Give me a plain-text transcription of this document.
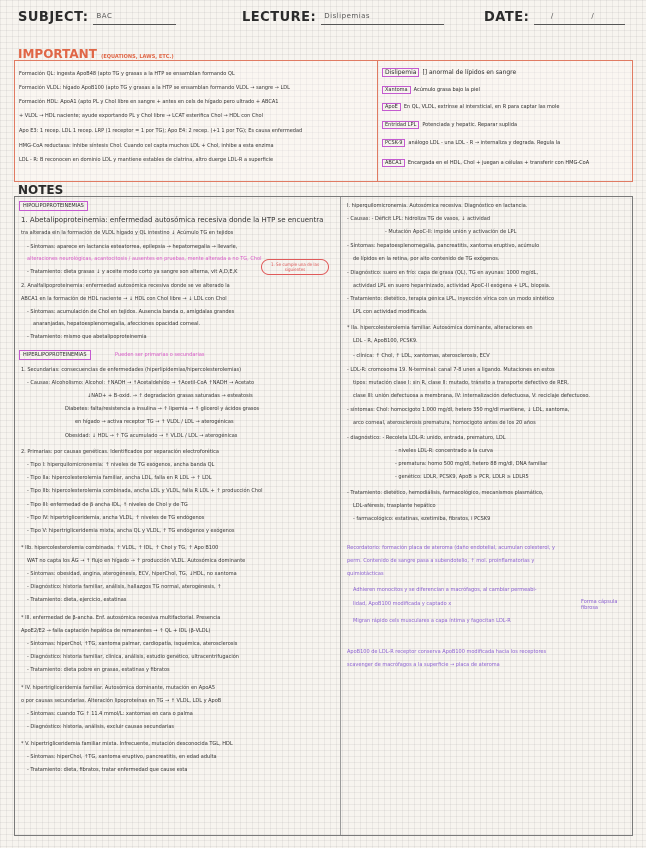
SUBJECT: BAC	LECTURE: Dislipemias	DATE:	/ /
IMPORTANT (EQUATIONS, LAWS, ETC.)
Formación QL: ingesta ApoB48 (apto TG y grasas a la HTP se ensamblan formando QL
Formación VLDL: hígado ApoB100 (apto TG y grasas a la HTP se ensamblan formando VLDL → sangre → LDL
Formación HDL: ApoA1 (apto PL y Chol libre en sangre + antes en cels de hígado pero ultrado + ABCA1
+ VLDL → HDL naciente; ayude exportando PL y Chol libre → LCAT esterifica Chol → HDL con Chol
Apo E3: 1 recep. LDL 1 recep. LRP (1 receptor = 1 por TG); Apo E4: 2 recep. (+1 1 por TG); Es causa enfermedad
HMG-CoA reductasa: inhibe síntesis Chol. Cuando cel capta muchos LDL + Chol, inhibe a esta enzima
LDL - R: B reconocen en dominio LDL y mantiene estables de clatrina, altro duerge LDL-R a superficie
Dislipemia [] anormal de lípidos en sangre
Xantoma Acúmulo grasa bajo la piel
ApoE En QL, VLDL, extrínse al intersticial, en R para captar las mole
Entridad LPL Potenciada y hepatic. Reparar suplida
PCSK-9 análogo LDL - una LDL - R → internaliza y degrada. Regula la
ABCA1 Encargada en el HDL, Chol + juegan a células + transferir con HMG-CoA
NOTES
HIPOLIPOPROTEINEMIAS
1. Abetalipoproteinemia: enfermedad autosómica recesiva donde la HTP se encuentra
tra alterada ein la formación de VLDL hígado y QL intestino ↓ Acúmulo TG en tejidos
- Síntomas: aparece en lactancia esteatorrea, epilepsia → hepatomegalia → llevarle,
alteraciones neurológicas, acantocitosis / ausentes en pruebas, mente alterada a no TG, Chol
- Tratamiento: dieta grasas ↓ y aceite modo corto ya sangre son alterna, vit A,D,E,K
2. Analfalipoproteinemia: enfermedad autosómica recesiva donde se ve alterado la
ABCA1 en la formación de HDL naciente → ↓ HDL con Chol libre → ↓ LDL con Chol
- Síntomas: acumulación de Chol en tejidos. Ausencia banda α, amígdalas grandes
anaranjadas, hepatoesplenomegalia, afecciones opacidad corneal.
- Tratamiento: mismo que abetalipoproteinemia
HIPERLIPOPROTEINEMIAS	Pueden ser primarias o secundarias
1. Se cumple una de las siguientes
1. Secundarias: consecuencias de enfermedades (hiperlipidemias/hipercolesterolemias)
- Causas: Alcoholismo: Alcohol: ↑NADH → ↑Acetaldehído → ↑Acetil-CoA ↑NADH → Acetato
↓NAD+ + B-oxid. → ↑ degradación grasas saturadas → esteatosis
Diabetes: falta/resistencia a insulina → ↑ lipemia → ↑ glicerol y ácidos grasos
en hígado → activa receptor TG → ↑ VLDL / LDL → aterogénicas
Obesidad: ↓ HDL → ↑ TG acumulado → ↑ VLDL / LDL → aterogénicas
2. Primarias: por causas genéticas. Identificados por separación electroforética
- Tipo I: hiperquilomicronemia: ↑ niveles de TG exógenos, ancha banda QL
- Tipo IIa: hipercolesterolemia familiar, ancha LDL, falla en R LDL → ↑ LDL
- Tipo IIb: hipercolesterolemia combinada, ancha LDL y VLDL, falla R LDL + ↑ producción Chol
- Tipo III: enfermedad de β ancha IDL, ↑ niveles de Chol y de TG
- Tipo IV: hipertrigliceridemia, ancha VLDL, ↑ niveles de TG endógenos
- Tipo V: hipertrigliceridemia mixta, ancha QL y VLDL, ↑ TG endógenos y exógenos
* IIb. hipercolesterolemia combinada. ↑ VLDL, ↑ IDL, ↑ Chol y TG, ↑ Apo B100
WAT no capta los ÁG → ↑ flujo en hígado → ↑ producción VLDL. Autosómica dominante
- Síntomas: obesidad, angina, aterogénesis, ECV, hiperChol, TG, ↓HDL, no xantoma
- Diagnóstico: historia familiar, análisis, hallazgos TG normal, aterogénesis, ↑
- Tratamiento: dieta, ejercicio, estatinas
* III. enfermedad de β-ancha. Enf. autosómica recesiva multifactorial. Presencia
ApoE2/E2 → falla captación hepática de remanentes → ↑ QL + IDL (β-VLDL)
- Síntomas: hiperChol, ↑TG, xantoma palmar, cardiopatía, isquémica, aterosclerosis
- Diagnóstico: historia familiar, clínica, análisis, estudio genético, ultracentrifugación
- Tratamiento: dieta pobre en grasas, estatinas y fibratos
* IV. hipertrigliceridemia familiar. Autosómica dominante, mutación en ApoA5
o por causas secundarias. Alteración lipoproteínas en TG → ↑ VLDL, LDL y ApoB
- Síntomas: cuando TG ↑ 11.4 mmol/L: xantomas en cara o palma
- Diagnóstico: historia, análisis, excluir causas secundarias
* V. hipertrigliceridemia familiar mixta. Infrecuente, mutación desconocida TGL, HDL
- Síntomas: hiperChol, ↑TG, xantoma eruptivo, pancreatitis, en edad adulta
- Tratamiento: dieta, fibratos, tratar enfermedad que cause esta
I. hiperquilomicronemia. Autosómica recesiva. Diagnóstico en lactancia.
- Causas: - Déficit LPL: hidroliza TG de vasos, ↓ actividad
- Mutación ApoC-II: impide unión y activación de LPL
- Síntomas: hepatoesplenomegalia, pancreatitis, xantoma eruptivo, acúmulo
de lípidos en la retina, por alto contenido de TG exógenos.
- Diagnóstico: suero en frío: capa de grasa (QL), TG en ayunas: 1000 mg/dL,
actividad LPL en suero heparinizado, actividad ApoC-II exógena + LPL, biopsia.
- Tratamiento: dietético, terapia génica LPL, inyección vírica con un modo sintético
LPL con actividad modificada.
* IIa. hipercolesterolemia familiar. Autosómica dominante, alteraciones en
LDL - R, ApoB100, PCSK9.
- clínica: ↑ Chol, ↑ LDL, xantomas, aterosclerosis, ECV
- LDL-R: cromosoma 19. N-terminal: canal 7-8 unen a ligando. Mutaciones en estos
tipos: mutación clase I: sin R, clase II: mutado, tránsito a transporte defectivo de RER,
clase III: unión defectuosa a membrana, IV: internalización defectuosa, V: reciclaje defectuoso.
- síntomas: Chol: homocigoto 1.000 mg/dl, hetero 350 mg/dl mantiene, ↓ LDL, xantoma,
arco corneal, aterosclerosis prematura, homocigoto antes de los 20 años
- diagnóstico: - Recoleta LDL-R: unido, entrada, prematuro, LDL
- niveles LDL-R: concentrado a la curva
- prematura: homo 500 mg/dl, hetero 88 mg/dl, DNA familiar
- genético: LDLR, PCSK9, ApoB ≥ PCR, LDLR ≥ LDLR5
- Tratamiento: dietético, hemodiálisis, farmacológico, mecanismos plasmático,
LDL-aféresis, trasplante hepático
- farmacológico: estatinas, ezetimiba, fibratos, i PCSK9
Recordatorio: formación placa de ateroma (daño endotelial, acumulan colesterol, y
perm. Contenido de sangre pasa a subendotelio, ↑ mol. proinflamatorias y
quimiotácticas
Adhieren monocitos y se diferencian a macrófagos, al cambiar permeabi-
lidad, ApoB100 modificada y captado x
Migran rápido cels musculares a capa íntima y fagocitan LDL-R
ApoB100 de LDL-R receptor conserva ApoB100 modificada hacia los receptores
scavenger de macrófagos a la superficie → placa de ateroma
Forma cápsula fibrosa
